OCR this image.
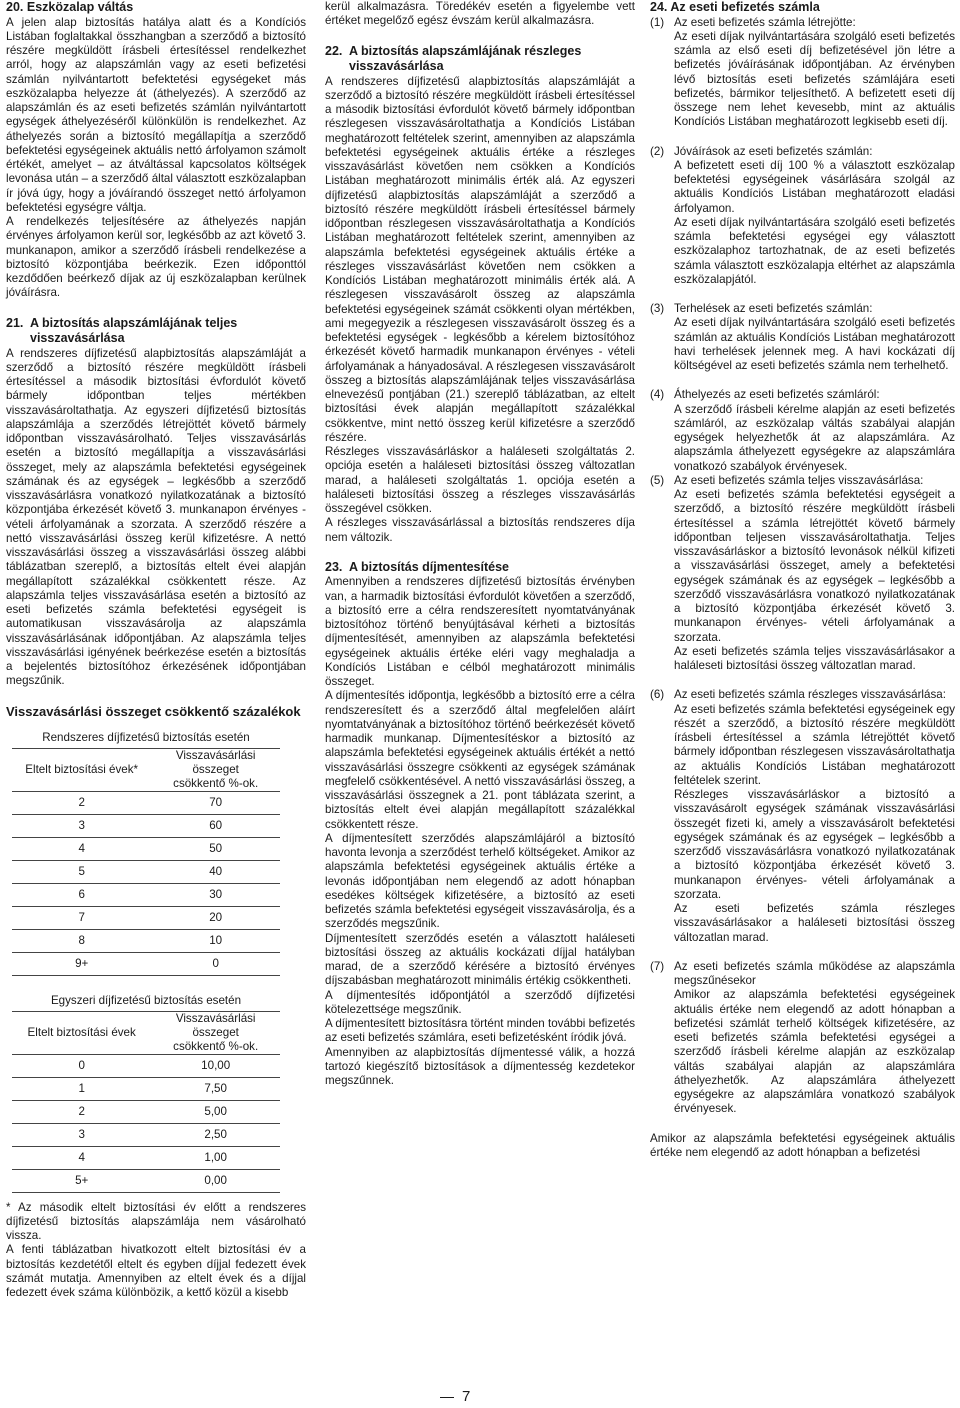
20. Eszközalap váltás

A jelen alap biztosítás hatálya alatt és a Kondíciós Listában foglaltakkal összhangban a szerződő a biztosító részére megküldött írásbeli értesítéssel rendelkezhet arról, hogy az alapszámlán vagy az eseti befizetési számlán nyilvántartott befektetési egységeket más eszközalapba helyezze át (áthelyezés). A szerződő az alapszámlán és az eseti befizetés számlán nyilvántartott egységek áthelyezéséről különkülön is rendelkezhet. Az áthelyezés során a biztosító megállapítja a szerződő befektetési egységeinek aktuális nettó árfolyamon számolt értékét, amelyet – az átváltással kapcsolatos költségek levonása után – a szerződő által választott eszközalapban ír jóvá úgy, hogy a jóváírandó összeget nettó árfolyamon befektetési egységre váltja.

A rendelkezés teljesítésére az áthelyezés napján érvényes árfolyamon kerül sor, legkésőbb az azt követő 3. munkanapon, amikor a szerződő írásbeli rendelkezése a biztosító központjába beérkezik. Ezen időponttól kezdődően beérkező díjak az új eszközalapban kerülnek jóváírásra.

21. A biztosítás alapszámlájának teljes visszavásárlása

A rendszeres díjfizetésű alapbiztosítás alapszámláját a szerződő a biztosító részére megküldött írásbeli értesítéssel a második biztosítási évfordulót követő bármely időpontban teljes mértékben visszavásároltathatja. Az egyszeri díjfizetésű biztosítás alapszámlája a szerződés létrejöttét követő bármely időpontban visszavásárolható. Teljes visszavásárlás esetén a biztosító megállapítja a visszavásárlási összeget, mely az alapszámla befektetési egységeinek számának és az egységek – legkésőbb a szerződő visszavásárlásra vonatkozó nyilatkozatának a biztosító központjába érkezését követő 3. munkanapon érvényes - vételi árfolyamának a szorzata. A szerződő részére a nettó visszavásárlási összeg kerül kifizetésre. A nettó visszavásárlási összeg a visszavásárlási összeg alábbi táblázatban szereplő, a biztosítás eltelt évei alapján megállapított százalékkal csökkentett része. Az alapszámla teljes visszavásárlása esetén a biztosító az eseti befizetés számla befektetési egységeit is automatikusan visszavásárolja az alapszámla visszavásárlásának időpontjában. Az alapszámla teljes visszavásárlási igényének beérkezése esetén a biztosítás a bejelentés biztosítóhoz érkezésének időpontjában megszűnik.

Visszavásárlási összeget csökkentő százalékok
Rendszeres díjfizetésű biztosítás esetén	
Eltelt biztosítási évek*	Visszavásárlási összeget
csökkentő %-ok.
2	70
3	60
4	50
5	40
6	30
7	20
8	10
9+	0
Egyszeri díjfizetésű biztosítás esetén	
Eltelt biztosítási évek	Visszavásárlási összeget
csökkentő %-ok.
0	10,00
1	7,50
2	5,00
3	2,50
4	1,00
5+	0,00

* Az második eltelt biztosítási év előtt a rendszeres díjfizetésű biztosítás alapszámlája nem vásárolható vissza.

A fenti táblázatban hivatkozott eltelt biztosítási év a biztosítás kezdetétől eltelt és egyben díjjal fedezett évek számát mutatja. Amennyiben az eltelt évek és a díjjal fedezett évek száma különbözik, a kettő közül a kisebb

kerül alkalmazásra. Töredékév esetén a figyelembe vett értéket megelőző egész évszám kerül alkalmazásra.

22. A biztosítás alapszámlájának részleges visszavásárlása

A rendszeres díjfizetésű alapbiztosítás alapszámláját a szerződő a biztosító részére megküldött írásbeli értesítéssel a második biztosítási évfordulót követő bármely időpontban részlegesen visszavásároltathatja a Kondíciós Listában meghatározott feltételek szerint, amennyiben az alapszámla befektetési egységeinek aktuális értéke a részleges visszavásárlást követően nem csökken a Kondíciós Listában meghatározott minimális érték alá. Az egyszeri díjfizetésű alapbiztosítás alapszámláját a szerződő a biztosító részére megküldött írásbeli értesítéssel bármely időpontban részlegesen visszavásároltathatja a Kondíciós Listában meghatározott feltételek szerint, amennyiben az alapszámla befektetési egységeinek aktuális értéke a részleges visszavásárlást követően nem csökken a Kondíciós Listában meghatározott minimális érték alá. A részlegesen visszavásárolt összeg az alapszámla befektetési egységeinek számát csökkenti olyan mértékben, ami megegyezik a részlegesen visszavásárolt összeg és a befektetési egységek - legkésőbb a kérelem biztosítóhoz érkezését követő harmadik munkanapon érvényes - vételi árfolyamának a hányadosával. A részlegesen visszavásárolt összeg a biztosítás alapszámlájának teljes visszavásárlása elnevezésű pontjában (21.) szereplő táblázatban, az eltelt biztosítási évek alapján megállapított százalékkal csökkentve, mint nettó összeg kerül kifizetésre a szerződő részére.

Részleges visszavásárláskor a haláleseti szolgáltatás 2. opciója esetén a haláleseti biztosítási összeg változatlan marad, a haláleseti szolgáltatás 1. opciója esetén a haláleseti biztosítási összeg a részleges visszavásárlás összegével csökken.

A részleges visszavásárlással a biztosítás rendszeres díja nem változik.

23. A biztosítás díjmentesítése

Amennyiben a rendszeres díjfizetésű biztosítás érvényben van, a harmadik biztosítási évfordulót követően a szerződő, a biztosító erre a célra rendszeresített nyomtatványának biztosítóhoz történő benyújtásával kérheti a biztosítás díjmentesítését, amennyiben az alapszámla befektetési egységeinek aktuális értéke eléri vagy meghaladja a Kondíciós Listában e célból meghatározott minimális összeget.

A díjmentesítés időpontja, legkésőbb a biztosító erre a célra rendszeresített és a szerződő által megfelelően aláírt nyomtatványának a biztosítóhoz történő beérkezését követő harmadik munkanap. Díjmentesítéskor a biztosító az alapszámla befektetési egységeinek aktuális értékét a nettó visszavásárlási összegre csökkenti az egységek számának megfelelő csökkentésével. A nettó visszavásárlási összeg, a visszavásárlási összegnek a 21. pont táblázata szerint, a biztosítás eltelt évei alapján megállapított százalékkal csökkentett része.

A díjmentesített szerződés alapszámlájáról a biztosító havonta levonja a szerződést terhelő költségeket. Amikor az alapszámla befektetési egységeinek aktuális értéke a levonás időpontjában nem elegendő az adott hónapban esedékes költségek kifizetésére, a biztosító az eseti befizetés számla befektetési egységeit visszavásárolja, és a szerződés megszűnik.

Díjmentesített szerződés esetén a választott haláleseti biztosítási összeg az aktuális kockázati díjjal hatályban marad, de a szerződő kérésére a biztosító érvényes díjszabásban meghatározott minimális értékig csökkentheti.

A díjmentesítés időpontjától a szerződő díjfizetési kötelezettsége megszűnik.

A díjmentesített biztosításra történt minden további befizetés az eseti befizetés számlára, eseti befizetésként íródik jóvá.

Amennyiben az alapbiztosítás díjmentessé válik, a hozzá tartozó kiegészítő biztosítások a díjmentesség kezdetekor megszűnnek.

24. Az eseti befizetés számla
(1) Az eseti befizetés számla létrejötte:

Az eseti díjak nyilvántartására szolgáló eseti befizetés számla az első eseti díj befizetésével jön létre a befizetés jóváírásának időpontjában. Az érvényben lévő biztosítás eseti befizetés számlájára eseti befizetés, bármikor teljesíthető. A befizetett eseti díj összege nem lehet kevesebb, mint az aktuális Kondíciós Listában meghatározott legkisebb eseti díj.

(2) Jóváírások az eseti befizetés számlán:

A befizetett eseti díj 100 % a választott eszközalap befektetési egységeinek vásárlására szolgál az aktuális Kondíciós Listában meghatározott eladási árfolyamon.

Az eseti díjak nyilvántartására szolgáló eseti befizetés számla befektetési egységei egy választott eszközalaphoz tartozhatnak, de az eseti befizetés számla választott eszközalapja eltérhet az alapszámla eszközalapjától.

(3) Terhelések az eseti befizetés számlán:

Az eseti díjak nyilvántartására szolgáló eseti befizetés számlán az aktuális Kondíciós Listában meghatározott havi terhelések jelennek meg. A havi kockázati díj költségével az eseti befizetés számla nem terhelhető.

(4) Áthelyezés az eseti befizetés számláról:

A szerződő írásbeli kérelme alapján az eseti befizetés számláról, az eszközalap váltás szabályai alapján egységek helyezhetők át az alapszámlára. Az alapszámla áthelyezett egységekre az alapszámlára vonatkozó szabályok érvényesek.

(5) Az eseti befizetés számla teljes visszavásárlása:

Az eseti befizetés számla befektetési egységeit a szerződő, a biztosító részére megküldött írásbeli értesítéssel a számla létrejöttét követő bármely időpontban teljesen visszavásároltathatja. Teljes visszavásárláskor a biztosító levonások nélkül kifizeti a visszavásárlási összeget, amely a befektetési egységek számának és az egységek – legkésőbb a szerződő visszavásárlásra vonatkozó nyilatkozatának a biztosító központjába érkezését követő 3. munkanapon érvényes- vételi árfolyamának a szorzata.

Az eseti befizetés számla teljes visszavásárlásakor a haláleseti biztosítási összeg változatlan marad.

(6) Az eseti befizetés számla részleges visszavásárlása:

Az eseti befizetés számla befektetési egységeinek egy részét a szerződő, a biztosító részére megküldött írásbeli értesítéssel a számla létrejöttét követő bármely időpontban részlegesen visszavásároltathatja az aktuális Kondíciós Listában meghatározott feltételek szerint.

Részleges visszavásárláskor a biztosító a visszavásárolt egységek számának visszavásárlási összegét fizeti ki, amely a visszavásárolt befektetési egységek számának és az egységek – legkésőbb a szerződő visszavásárlásra vonatkozó nyilatkozatának a biztosító központjába érkezését követő 3. munkanapon érvényes- vételi árfolyamának a szorzata.

Az eseti befizetés számla részleges visszavásárlásakor a haláleseti biztosítási összeg változatlan marad.

(7) Az eseti befizetés számla működése az alapszámla megszűnésekor

Amikor az alapszámla befektetési egységeinek aktuális értéke nem elegendő az adott hónapban a befizetési számlát terhelő költségek kifizetésére, az eseti befizetés számla befektetési egységei a szerződő írásbeli kérelme alapján az eszközalap váltás szabályai alapján az alapszámlára áthelyezhetők. Az alapszámlára áthelyezett egységekre az alapszámlára vonatkozó szabályok érvényesek.

Amikor az alapszámla befektetési egységeinek aktuális értéke nem elegendő az adott hónapban a befizetési

7
